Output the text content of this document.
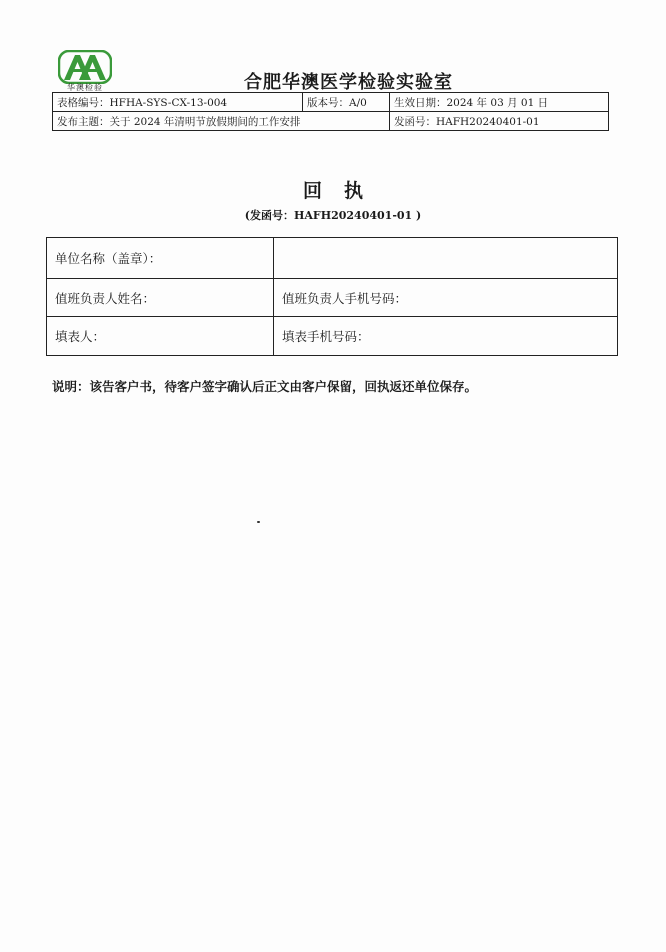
华澳检验	合肥华澳医学检验实验室
表格编号：HFHA-SYS-CX-13-004	版本号：A/0	生效日期：2024 年 03 月 01 日
发布主题：关于 2024 年清明节放假期间的工作安排		发函号：HAFH20240401-01
回执
(发函号：HAFH20240401-01 )
单位名称（盖章）：	
值班负责人姓名：	值班负责人手机号码：
填表人：	填表手机号码：
说明：该告客户书，待客户签字确认后正文由客户保留，回执返还单位保存。
